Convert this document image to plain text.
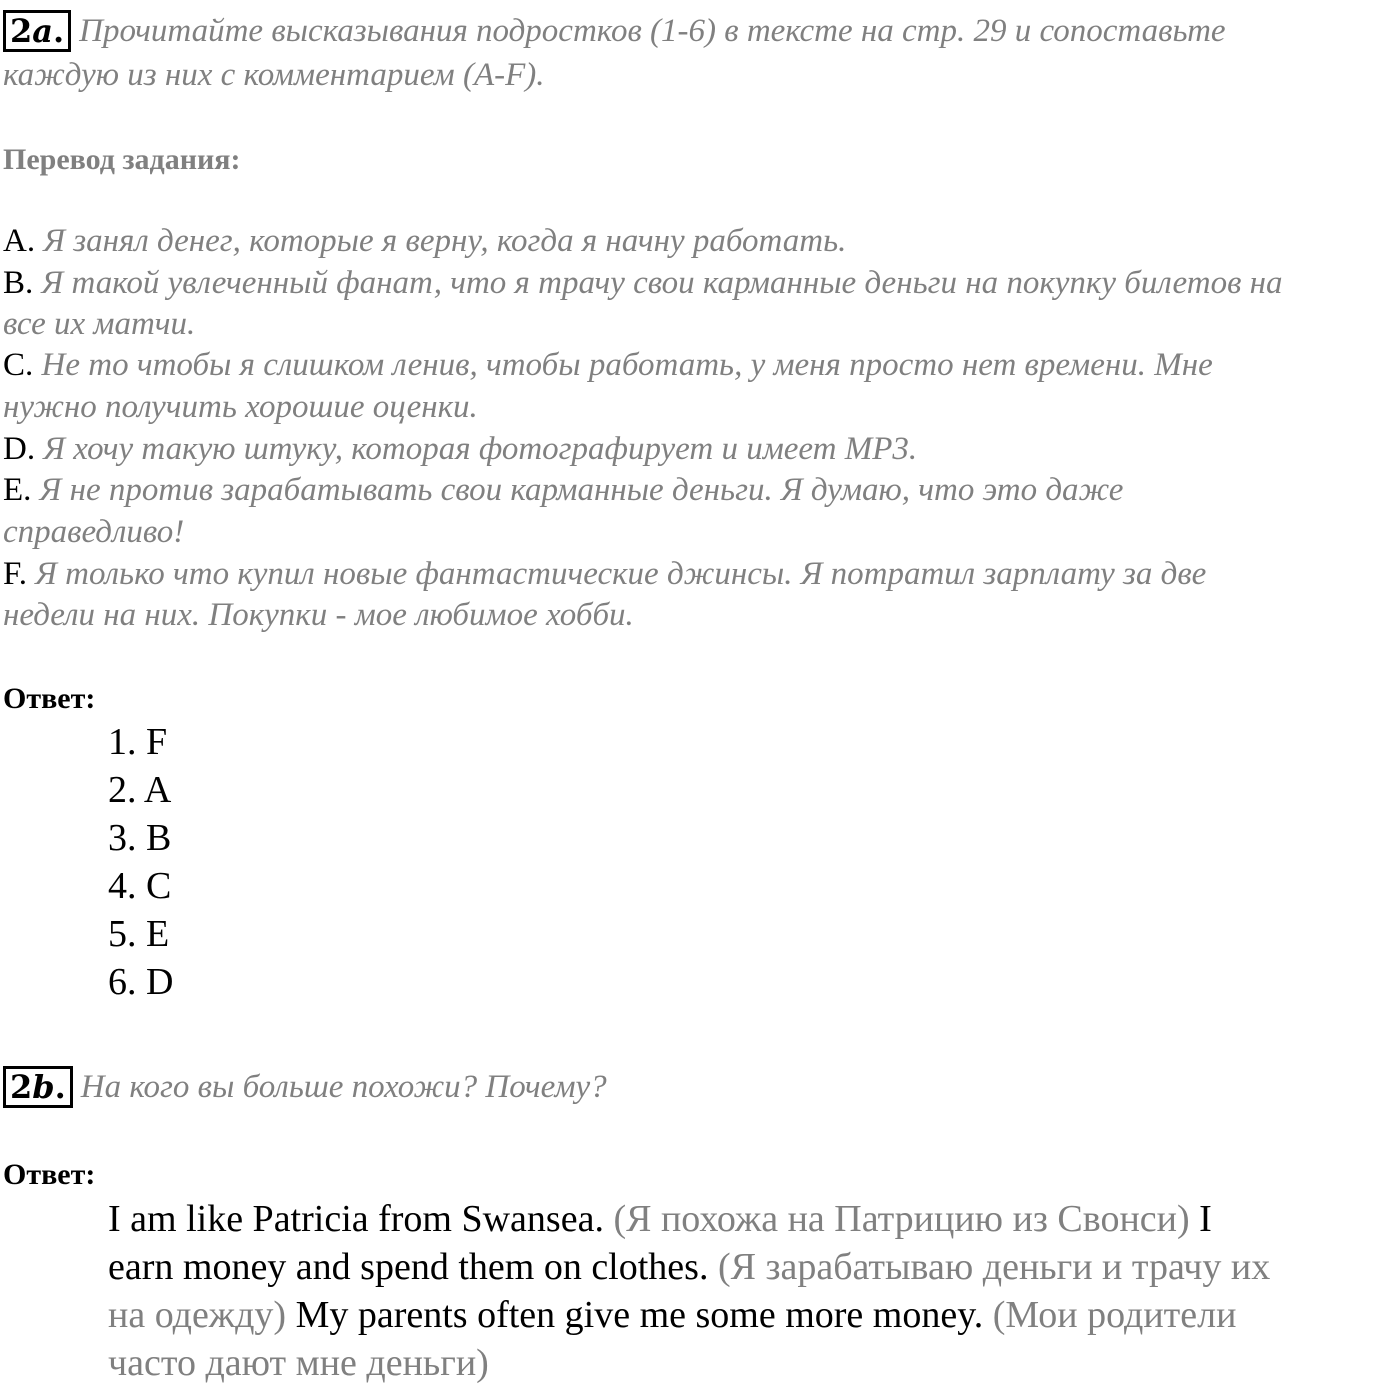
2a. Прочитайте высказывания подростков (1-6) в тексте на стр. 29 и сопоставьте
каждую из них с комментарием (A-F).
Перевод задания:
A. Я занял денег, которые я верну, когда я начну работать.
B. Я такой увлеченный фанат, что я трачу свои карманные деньги на покупку билетов на
все их матчи.
C. Не то чтобы я слишком ленив, чтобы работать, у меня просто нет времени. Мне
нужно получить хорошие оценки.
D. Я хочу такую штуку, которая фотографирует и имеет MP3.
E. Я не против зарабатывать свои карманные деньги. Я думаю, что это даже
справедливо!
F. Я только что купил новые фантастические джинсы. Я потратил зарплату за две
недели на них. Покупки - мое любимое хобби.
Ответ:
1. F
2. A
3. B
4. C
5. E
6. D
2b. На кого вы больше похожи? Почему?
Ответ:
I am like Patricia from Swansea. (Я похожа на Патрицию из Свонси) I
earn money and spend them on clothes. (Я зарабатываю деньги и трачу их
на одежду) My parents often give me some more money. (Мои родители
часто дают мне деньги)
